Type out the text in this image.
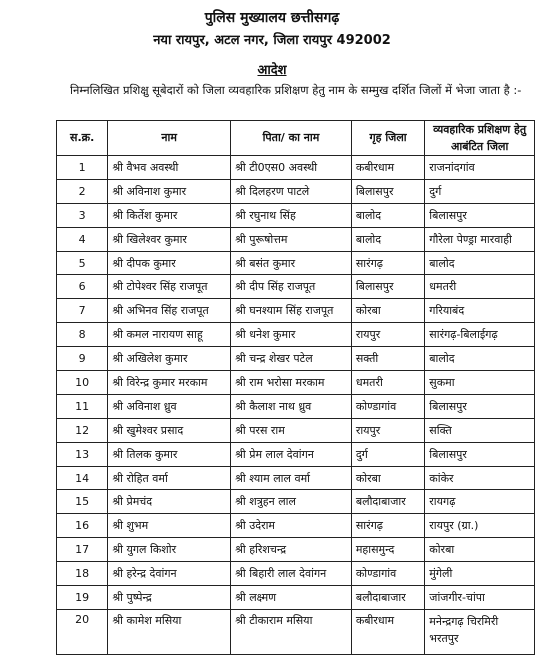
पुलिस मुख्यालय छत्तीसगढ़
नया रायपुर, अटल नगर, जिला रायपुर 492002
आदेश
निम्नलिखित प्रशिक्षु सूबेदारों को जिला व्यवहारिक प्रशिक्षण हेतु नाम के सम्मुख दर्शित जिलों में भेजा जाता है :-
स.क्र.	नाम	पिता/ का नाम	गृह जिला	व्यवहारिक प्रशिक्षण हेतु आबंटित जिला
1	श्री वैभव अवस्थी	श्री टी0एस0 अवस्थी	कबीरधाम	राजनांदगांव
2	श्री अविनाश कुमार	श्री दिलहरण पाटले	बिलासपुर	दुर्ग
3	श्री किर्तेश कुमार	श्री रघुनाथ सिंह	बालोद	बिलासपुर
4	श्री खिलेश्वर कुमार	श्री पुरूषोत्तम	बालोद	गौरेला पेण्ड्रा मारवाही
5	श्री दीपक कुमार	श्री बसंत कुमार	सारंगढ़	बालोद
6	श्री टोपेश्वर सिंह राजपूत	श्री दीप सिंह राजपूत	बिलासपुर	धमतरी
7	श्री अभिनव सिंह राजपूत	श्री घनश्याम सिंह राजपूत	कोरबा	गरियाबंद
8	श्री कमल नारायण साहू	श्री धनेश कुमार	रायपुर	सारंगढ़-बिलाईगढ़
9	श्री अखिलेश कुमार	श्री चन्द्र शेखर पटेल	सक्ती	बालोद
10	श्री विरेन्द्र कुमार मरकाम	श्री राम भरोसा मरकाम	धमतरी	सुकमा
11	श्री अविनाश ध्रुव	श्री कैलाश नाथ ध्रुव	कोण्डागांव	बिलासपुर
12	श्री खुमेश्वर प्रसाद	श्री परस राम	रायपुर	सक्ति
13	श्री तिलक कुमार	श्री प्रेम लाल देवांगन	दुर्ग	बिलासपुर
14	श्री रोहित वर्मा	श्री श्याम लाल वर्मा	कोरबा	कांकेर
15	श्री प्रेमचंद	श्री शत्रुहन लाल	बलौदाबाजार	रायगढ़
16	श्री शुभम	श्री उदेराम	सारंगढ़	रायपुर (ग्रा.)
17	श्री युगल किशोर	श्री हरिशचन्द्र	महासमुन्द	कोरबा
18	श्री हरेन्द्र देवांगन	श्री बिहारी लाल देवांगन	कोण्डागांव	मुंगेली
19	श्री पुष्पेन्द्र	श्री लक्ष्मण	बलौदाबाजार	जांजगीर-चांपा
20	श्री कामेश मसिया	श्री टीकाराम मसिया	कबीरधाम	मनेन्द्रगढ़ चिरमिरी भरतपुर
